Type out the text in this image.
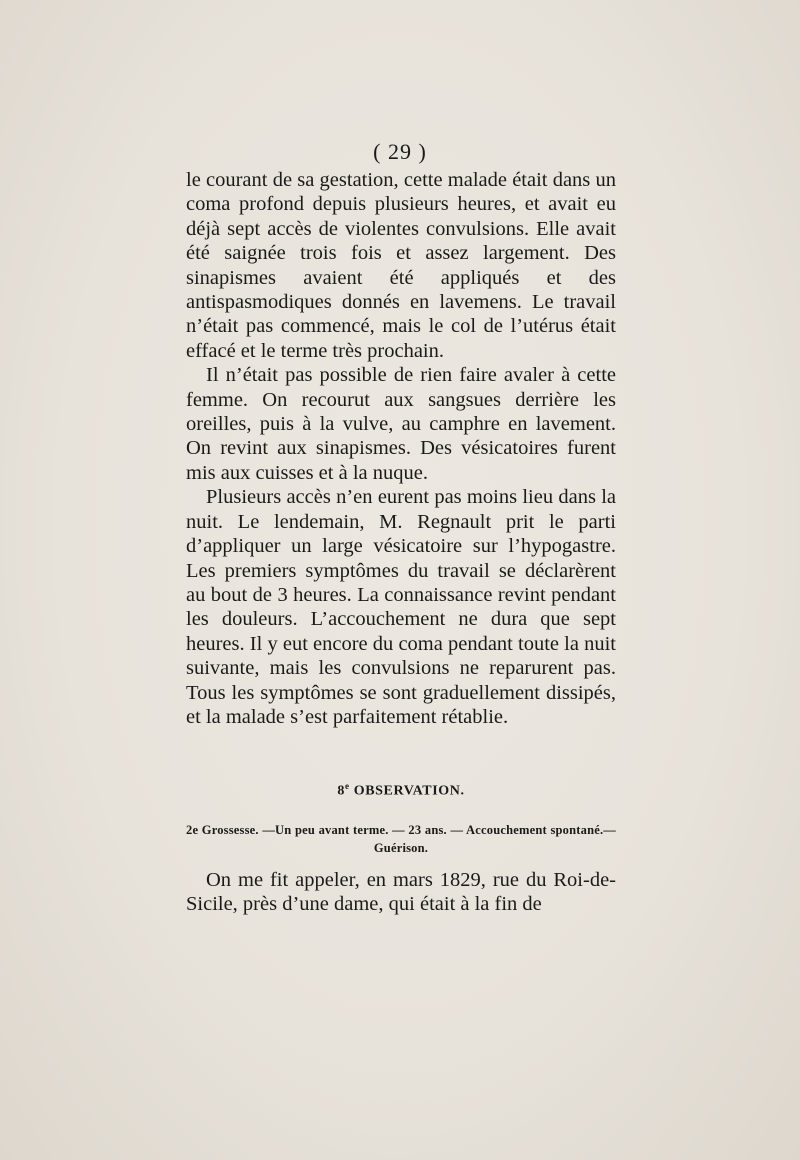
( 29 )

le courant de sa gestation, cette malade était dans un coma profond depuis plusieurs heures, et avait eu déjà sept accès de violentes convulsions. Elle avait été saignée trois fois et assez largement. Des sinapismes avaient été appliqués et des antispasmodiques donnés en lavemens. Le travail n’était pas commencé, mais le col de l’utérus était effacé et le terme très prochain.

Il n’était pas possible de rien faire avaler à cette femme. On recourut aux sangsues derrière les oreilles, puis à la vulve, au camphre en lavement. On revint aux sinapismes. Des vésicatoires furent mis aux cuisses et à la nuque.

Plusieurs accès n’en eurent pas moins lieu dans la nuit. Le lendemain, M. Regnault prit le parti d’appliquer un large vésicatoire sur l’hypogastre. Les premiers symptômes du travail se déclarèrent au bout de 3 heures. La connaissance revint pendant les douleurs. L’accouchement ne dura que sept heures. Il y eut encore du coma pendant toute la nuit suivante, mais les convulsions ne reparurent pas. Tous les symptômes se sont graduellement dissipés, et la malade s’est parfaitement rétablie.

8e OBSERVATION.
2e Grossesse. —Un peu avant terme. — 23 ans. — Accouchement spontané.—Guérison.

On me fit appeler, en mars 1829, rue du Roi-de-Sicile, près d’une dame, qui était à la fin de
